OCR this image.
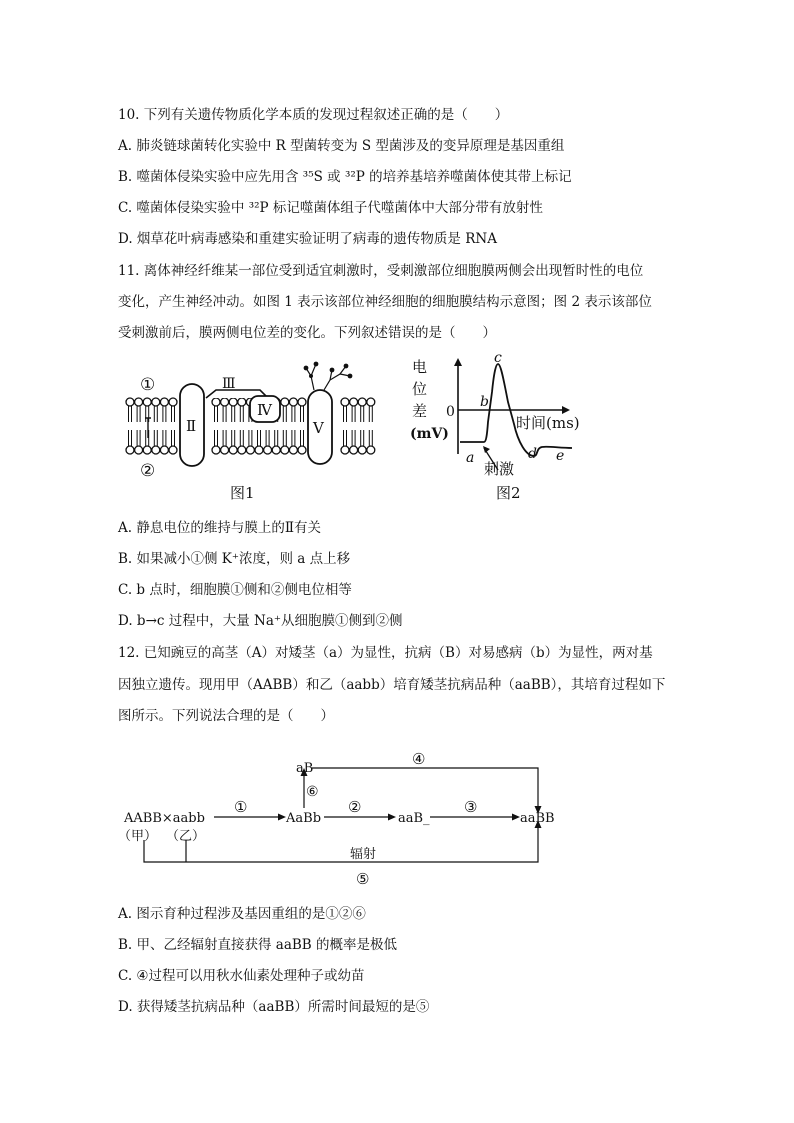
10. 下列有关遗传物质化学本质的发现过程叙述正确的是（　　）
A. 肺炎链球菌转化实验中 R 型菌转变为 S 型菌涉及的变异原理是基因重组
B. 噬菌体侵染实验中应先用含 ³⁵S 或 ³²P 的培养基培养噬菌体使其带上标记
C. 噬菌体侵染实验中 ³²P 标记噬菌体组子代噬菌体中大部分带有放射性
D. 烟草花叶病毒感染和重建实验证明了病毒的遗传物质是 RNA
11. 离体神经纤维某一部位受到适宜刺激时，受刺激部位细胞膜两侧会出现暂时性的电位
变化，产生神经冲动。如图 1 表示该部位神经细胞的细胞膜结构示意图；图 2 表示该部位
受刺激前后，膜两侧电位差的变化。下列叙述错误的是（　　）
①
②
Ⅱ
Ⅲ
Ⅳ
Ⅴ
图1
电
位
差 0
(mV)
时间(ms)
c
b
a	d e
刺激
图2
A. 静息电位的维持与膜上的Ⅱ有关
B. 如果减小①侧 K⁺浓度，则 a 点上移
C. b 点时，细胞膜①侧和②侧电位相等
D. b→c 过程中，大量 Na⁺从细胞膜①侧到②侧
12. 已知豌豆的高茎（A）对矮茎（a）为显性，抗病（B）对易感病（b）为显性，两对基
因独立遗传。现用甲（AABB）和乙（aabb）培育矮茎抗病品种（aaBB），其培育过程如下
图所示。下列说法合理的是（　　）
AABB×aabb
（甲） （乙）
AaBb
aB
aaB_	aaBB
①	②	③
④
⑤
⑥
辐射
A. 图示育种过程涉及基因重组的是①②⑥
B. 甲、乙经辐射直接获得 aaBB 的概率是极低
C. ④过程可以用秋水仙素处理种子或幼苗
D. 获得矮茎抗病品种（aaBB）所需时间最短的是⑤
